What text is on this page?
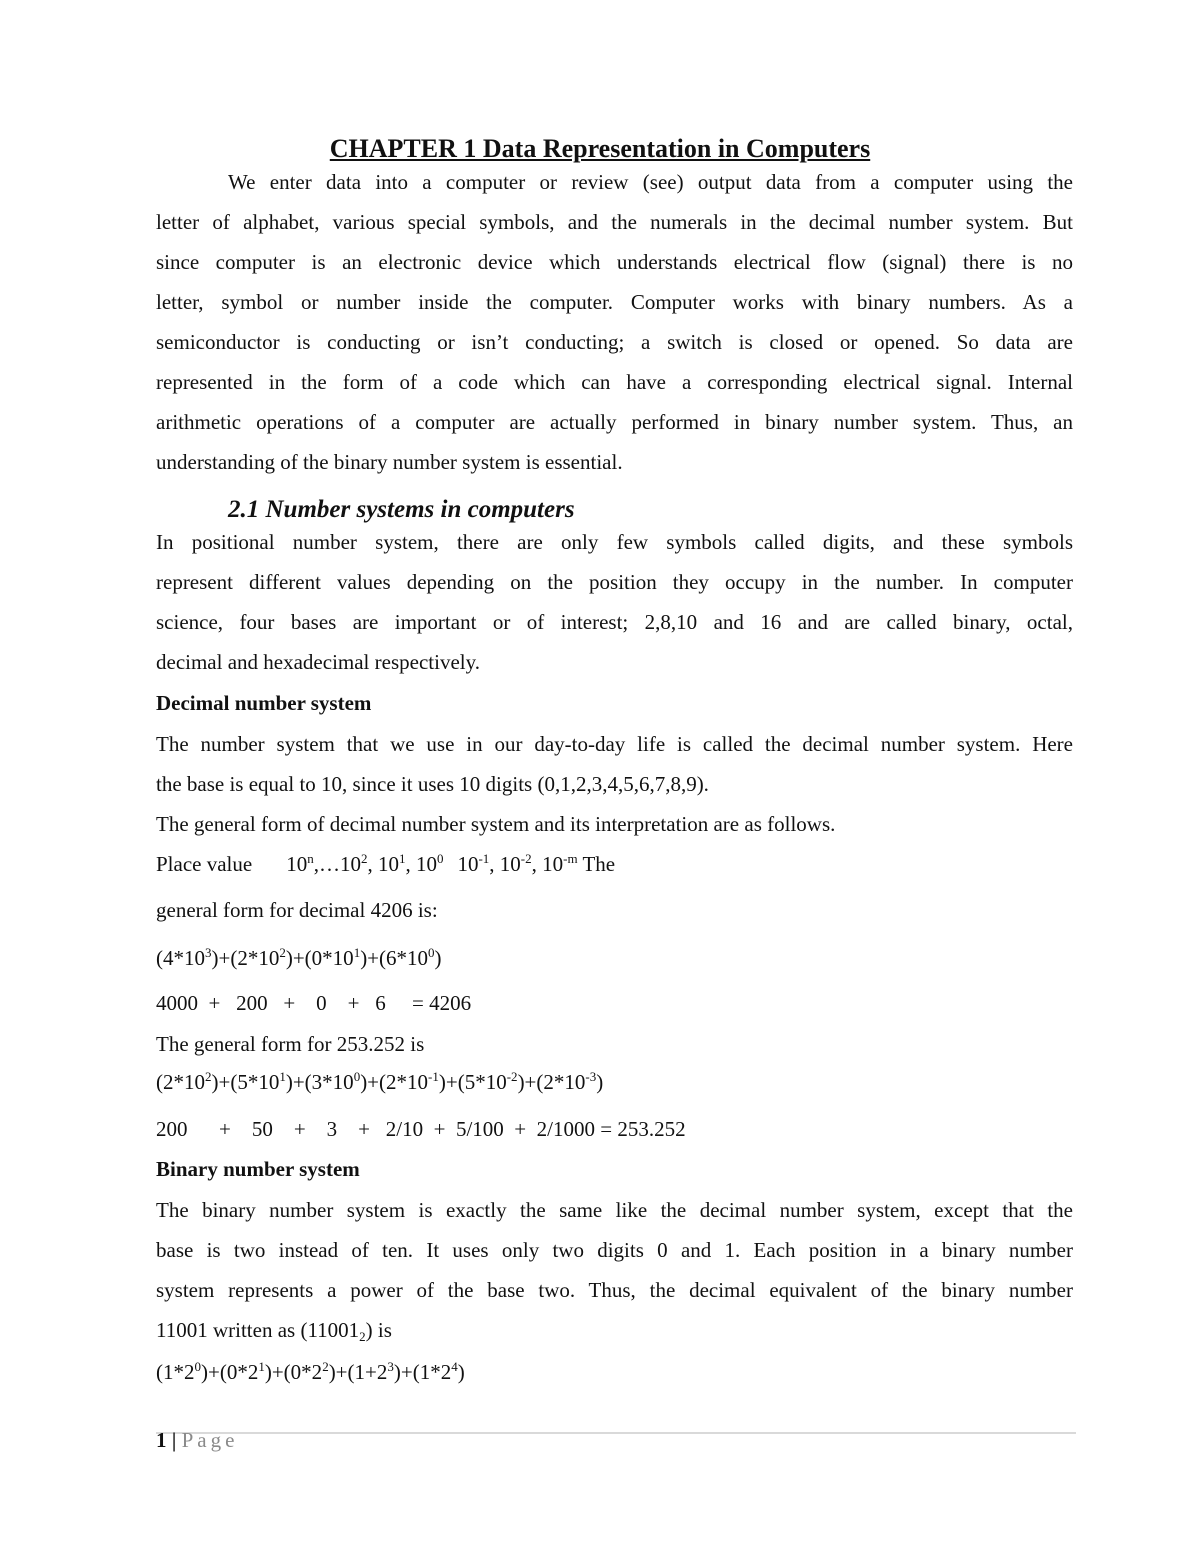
CHAPTER 1 Data Representation in Computers
We enter data into a computer or review (see) output data from a computer using the
letter of alphabet, various special symbols, and the numerals in the decimal number system. But
since computer is an electronic device which understands electrical flow (signal) there is no
letter, symbol or number inside the computer. Computer works with binary numbers. As a
semiconductor is conducting or isn’t conducting; a switch is closed or opened. So data are
represented in the form of a code which can have a corresponding electrical signal. Internal
arithmetic operations of a computer are actually performed in binary number system. Thus, an
understanding of the binary number system is essential.
2.1 Number systems in computers
In positional number system, there are only few symbols called digits, and these symbols
represent different values depending on the position they occupy in the number. In computer
science, four bases are important or of interest; 2,8,10 and 16 and are called binary, octal,
decimal and hexadecimal respectively.
Decimal number system
The number system that we use in our day-to-day life is called the decimal number system. Here
the base is equal to 10, since it uses 10 digits (0,1,2,3,4,5,6,7,8,9).
The general form of decimal number system and its interpretation are as follows.
Place value $10^n,\dots 10^2$, $10^1$, $10^0$ $10^{-1}$, $10^{-2}$, $10^{-m}$ The
general form for decimal 4206 is:
$(4*10^3)+(2*10^2)+(0*10^1)+(6*10^0)$
4000  +   200   +    0    +   6     = 4206
The general form for 253.252 is
$(2*10^2)+(5*10^1)+(3*10^0)+(2*10^{-1})+(5*10^{-2})+(2*10^{-3})$
200      +    50    +    3    +   2/10  +  5/100  +  2/1000 = 253.252
Binary number system
The binary number system is exactly the same like the decimal number system, except that the
base is two instead of ten. It uses only two digits 0 and 1. Each position in a binary number
system represents a power of the base two. Thus, the decimal equivalent of the binary number
11001 written as $(11001_2)$ is
$(1*2^0)+(0*2^1)+(0*2^2)+(1+2^3)+(1*2^4)$
1 | Page
